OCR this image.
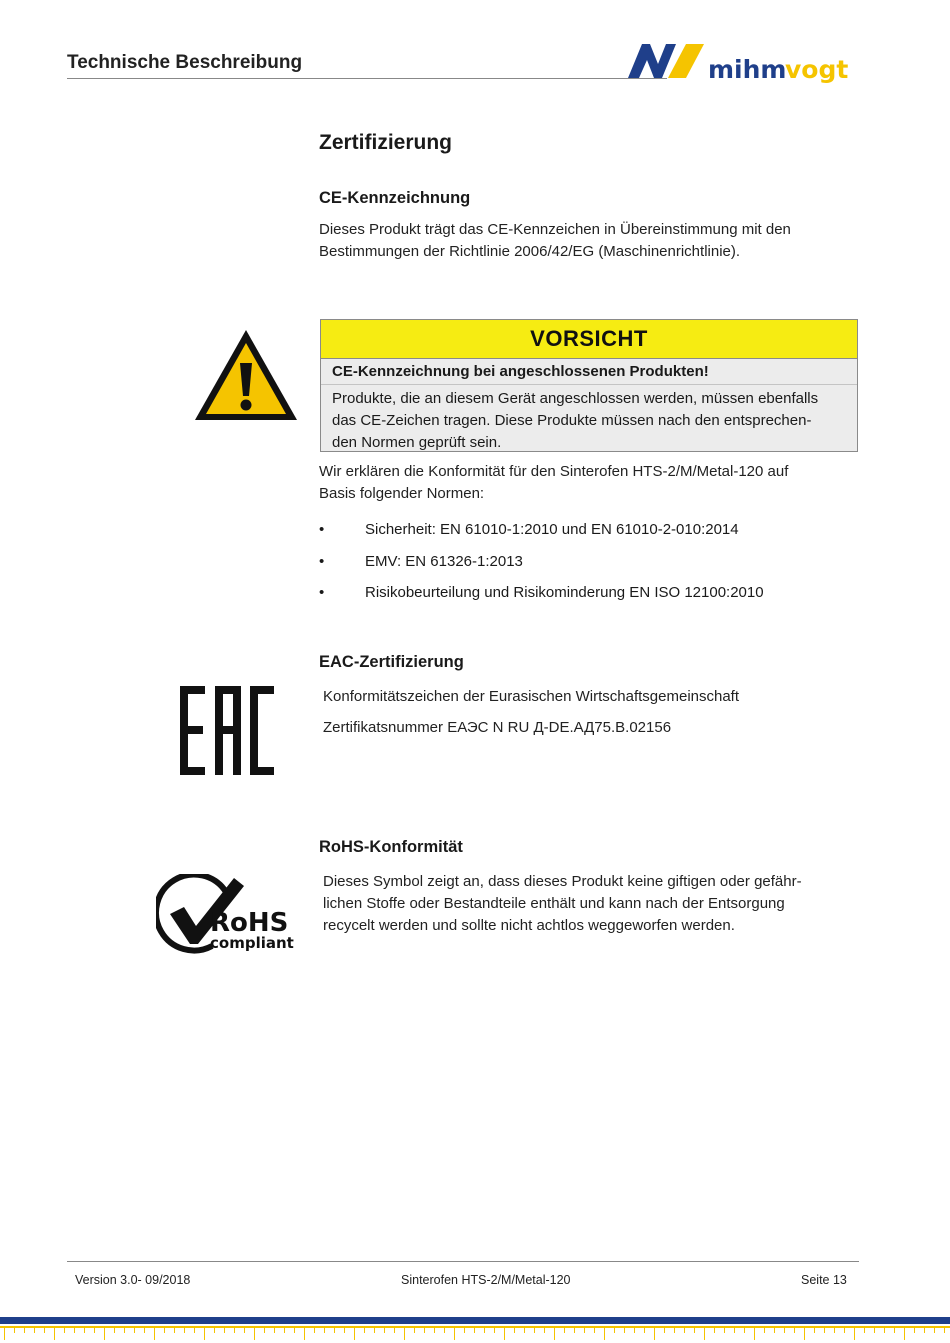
Technische Beschreibung	mihm
vogt
Zertifizierung
CE-Kennzeichnung
Dieses Produkt trägt das CE-Kennzeichen in Übereinstimmung mit den
Bestimmungen der Richtlinie 2006/42/EG (Maschinenrichtlinie).
VORSICHT
CE-Kennzeichnung bei angeschlossenen Produkten!
Produkte, die an diesem Gerät angeschlossen werden, müssen ebenfalls
das CE-Zeichen tragen. Diese Produkte müssen nach den entsprechen-
den Normen geprüft sein.
Wir erklären die Konformität für den Sinterofen HTS-2/M/Metal-120 auf
Basis folgender Normen:
•	Sicherheit: EN 61010-1:2010 und EN 61010-2-010:2014
•	EMV: EN 61326-1:2013
•	Risikobeurteilung und Risikominderung EN ISO 12100:2010
EAC-Zertifizierung
Konformitätszeichen der Eurasischen Wirtschaftsgemeinschaft
Zertifikatsnummer ЕАЭС N RU Д-DE.АД75.В.02156
RoHS-Konformität
RoHS
compliant
Dieses Symbol zeigt an, dass dieses Produkt keine giftigen oder gefähr-
lichen Stoffe oder Bestandteile enthält und kann nach der Entsorgung
recycelt werden und sollte nicht achtlos weggeworfen werden.
Version 3.0- 09/2018	Sinterofen HTS-2/M/Metal-120	Seite 13
